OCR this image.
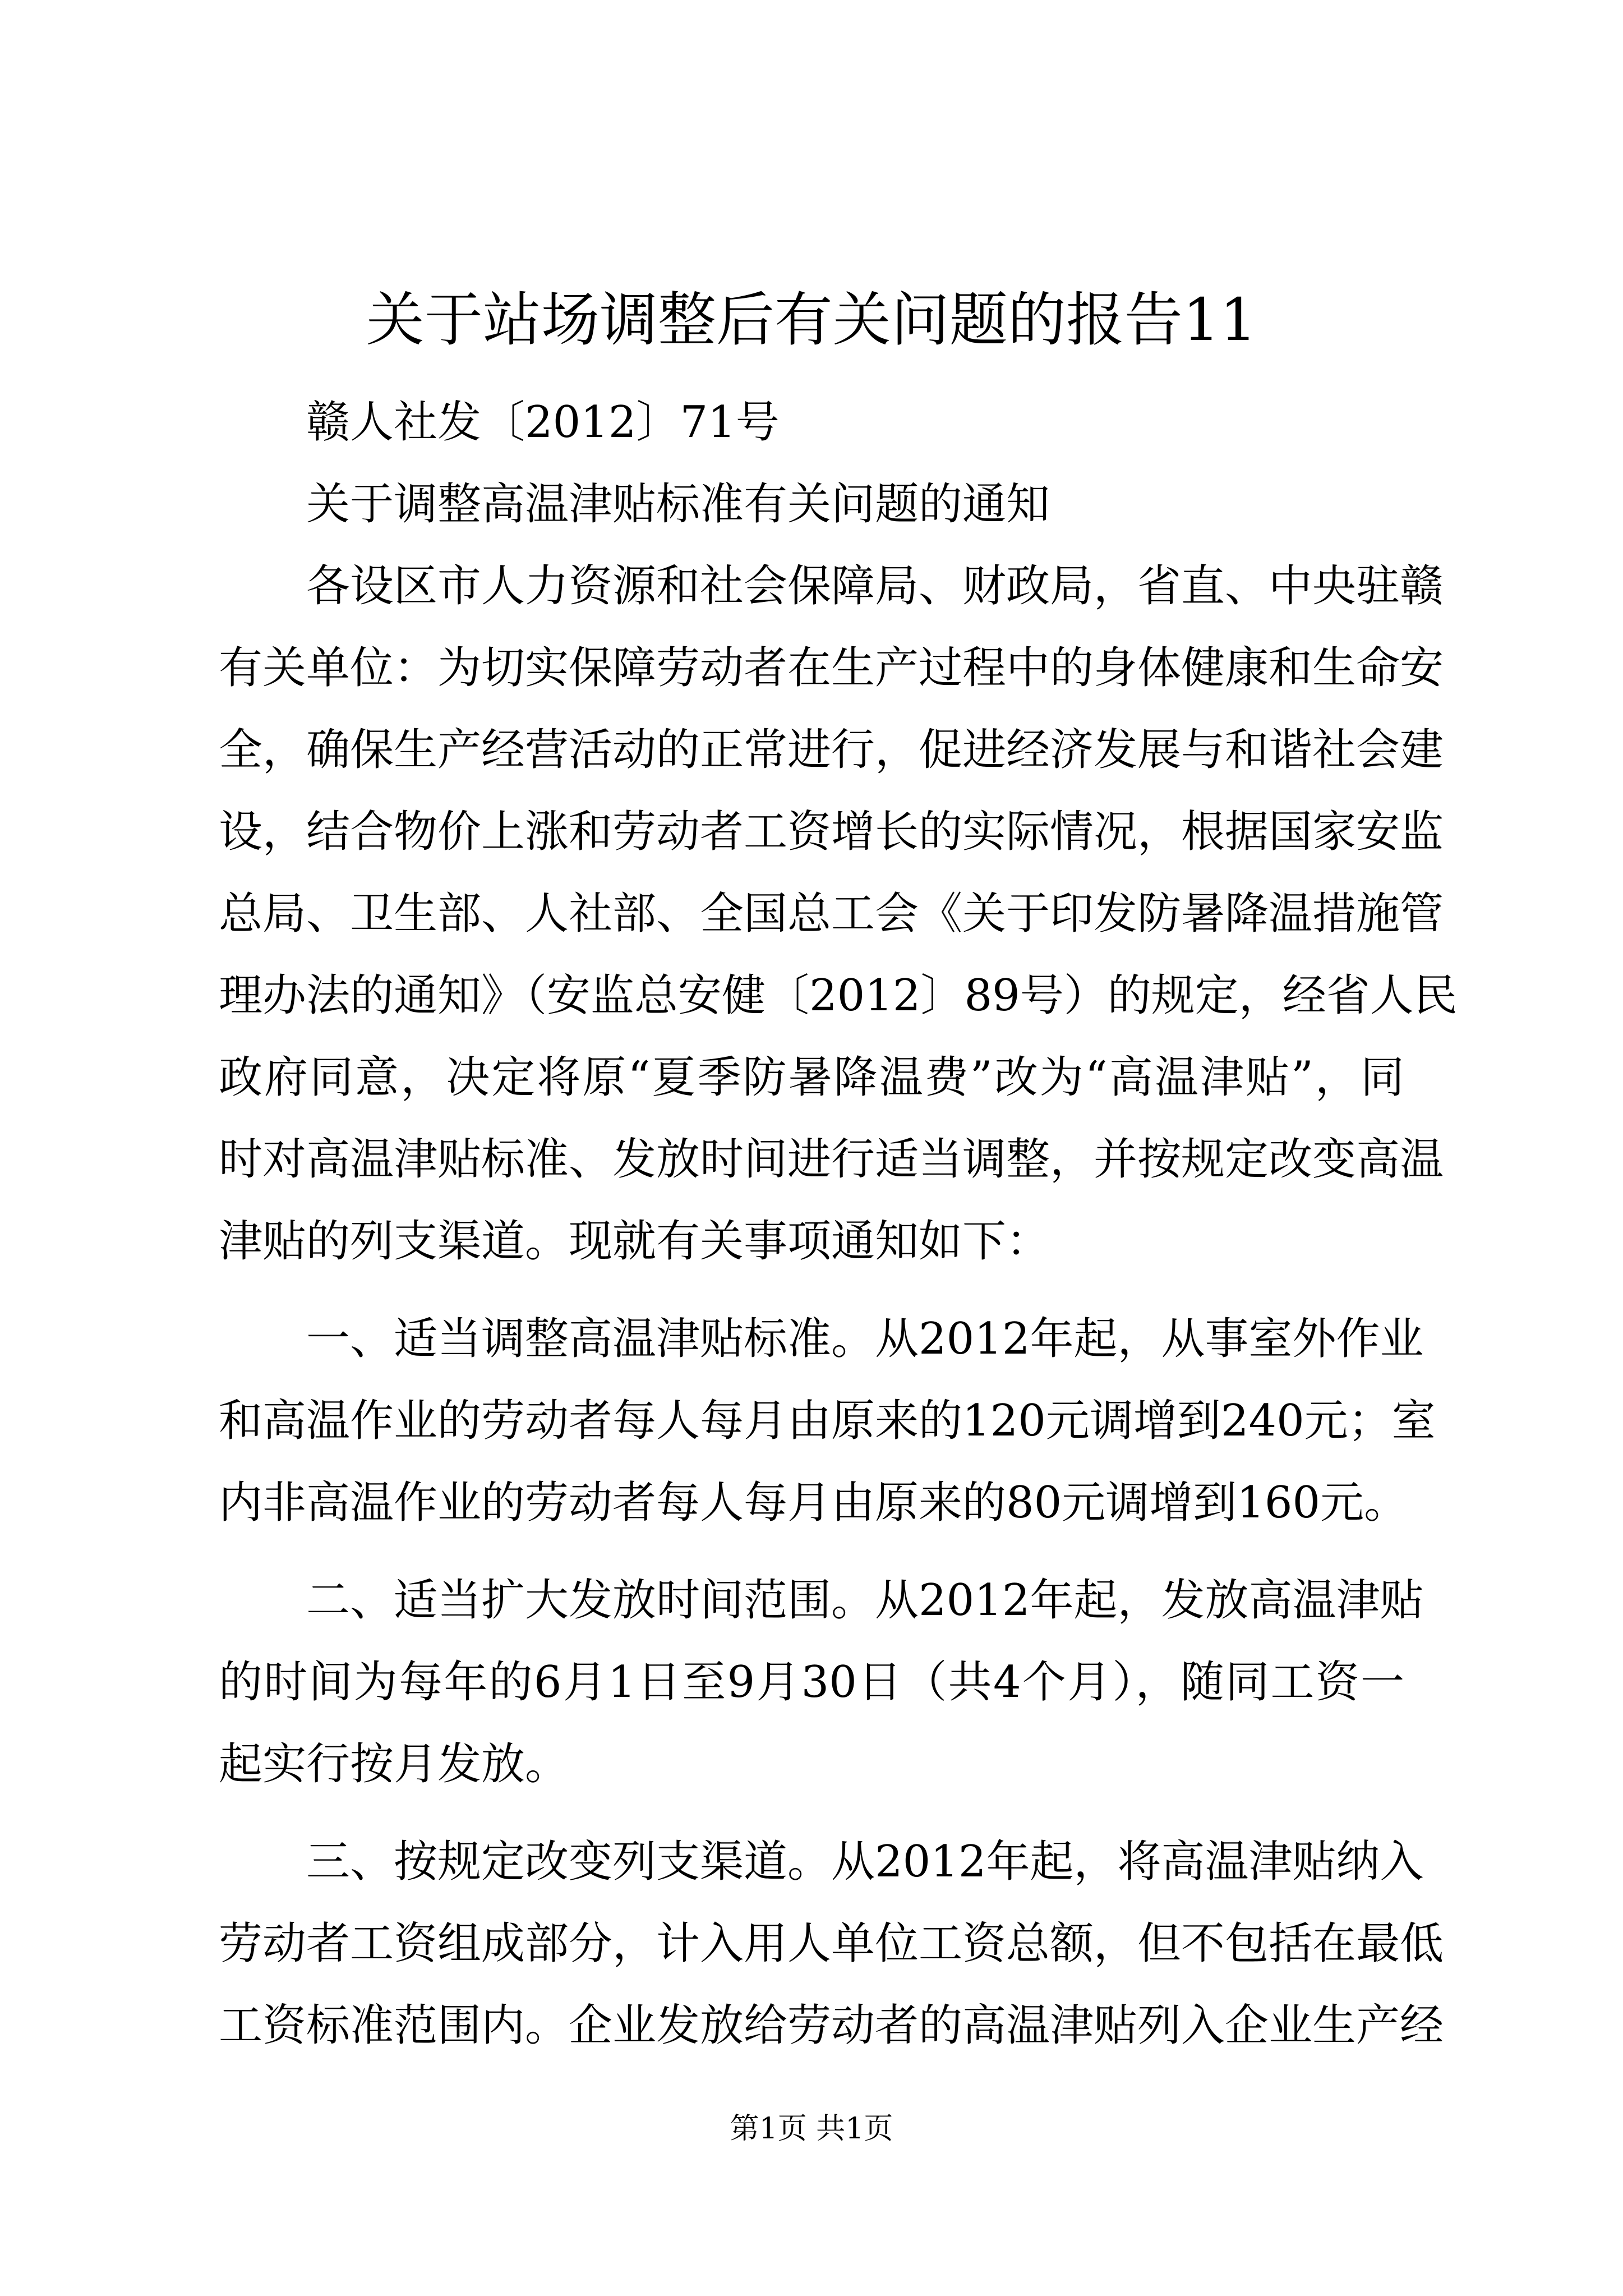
关于站场调整后有关问题的报告11
赣人社发〔2012〕71号
关于调整高温津贴标准有关问题的通知
各设区市人力资源和社会保障局、财政局，省直、中央驻赣
有关单位：为切实保障劳动者在生产过程中的身体健康和生命安
全，确保生产经营活动的正常进行，促进经济发展与和谐社会建
设，结合物价上涨和劳动者工资增长的实际情况，根据国家安监
总局、卫生部、人社部、全国总工会《关于印发防暑降温措施管
理办法的通知》（安监总安健〔2012〕89号）的规定，经省人民
政府同意，决定将原“夏季防暑降温费”改为“高温津贴”，同
时对高温津贴标准、发放时间进行适当调整，并按规定改变高温
津贴的列支渠道。现就有关事项通知如下：
一、适当调整高温津贴标准。从2012年起，从事室外作业
和高温作业的劳动者每人每月由原来的120元调增到240元；室
内非高温作业的劳动者每人每月由原来的80元调增到160元。
二、适当扩大发放时间范围。从2012年起，发放高温津贴
的时间为每年的6月1日至9月30日（共4个月），随同工资一
起实行按月发放。
三、按规定改变列支渠道。从2012年起，将高温津贴纳入
劳动者工资组成部分，计入用人单位工资总额，但不包括在最低
工资标准范围内。企业发放给劳动者的高温津贴列入企业生产经
第1页 共1页
